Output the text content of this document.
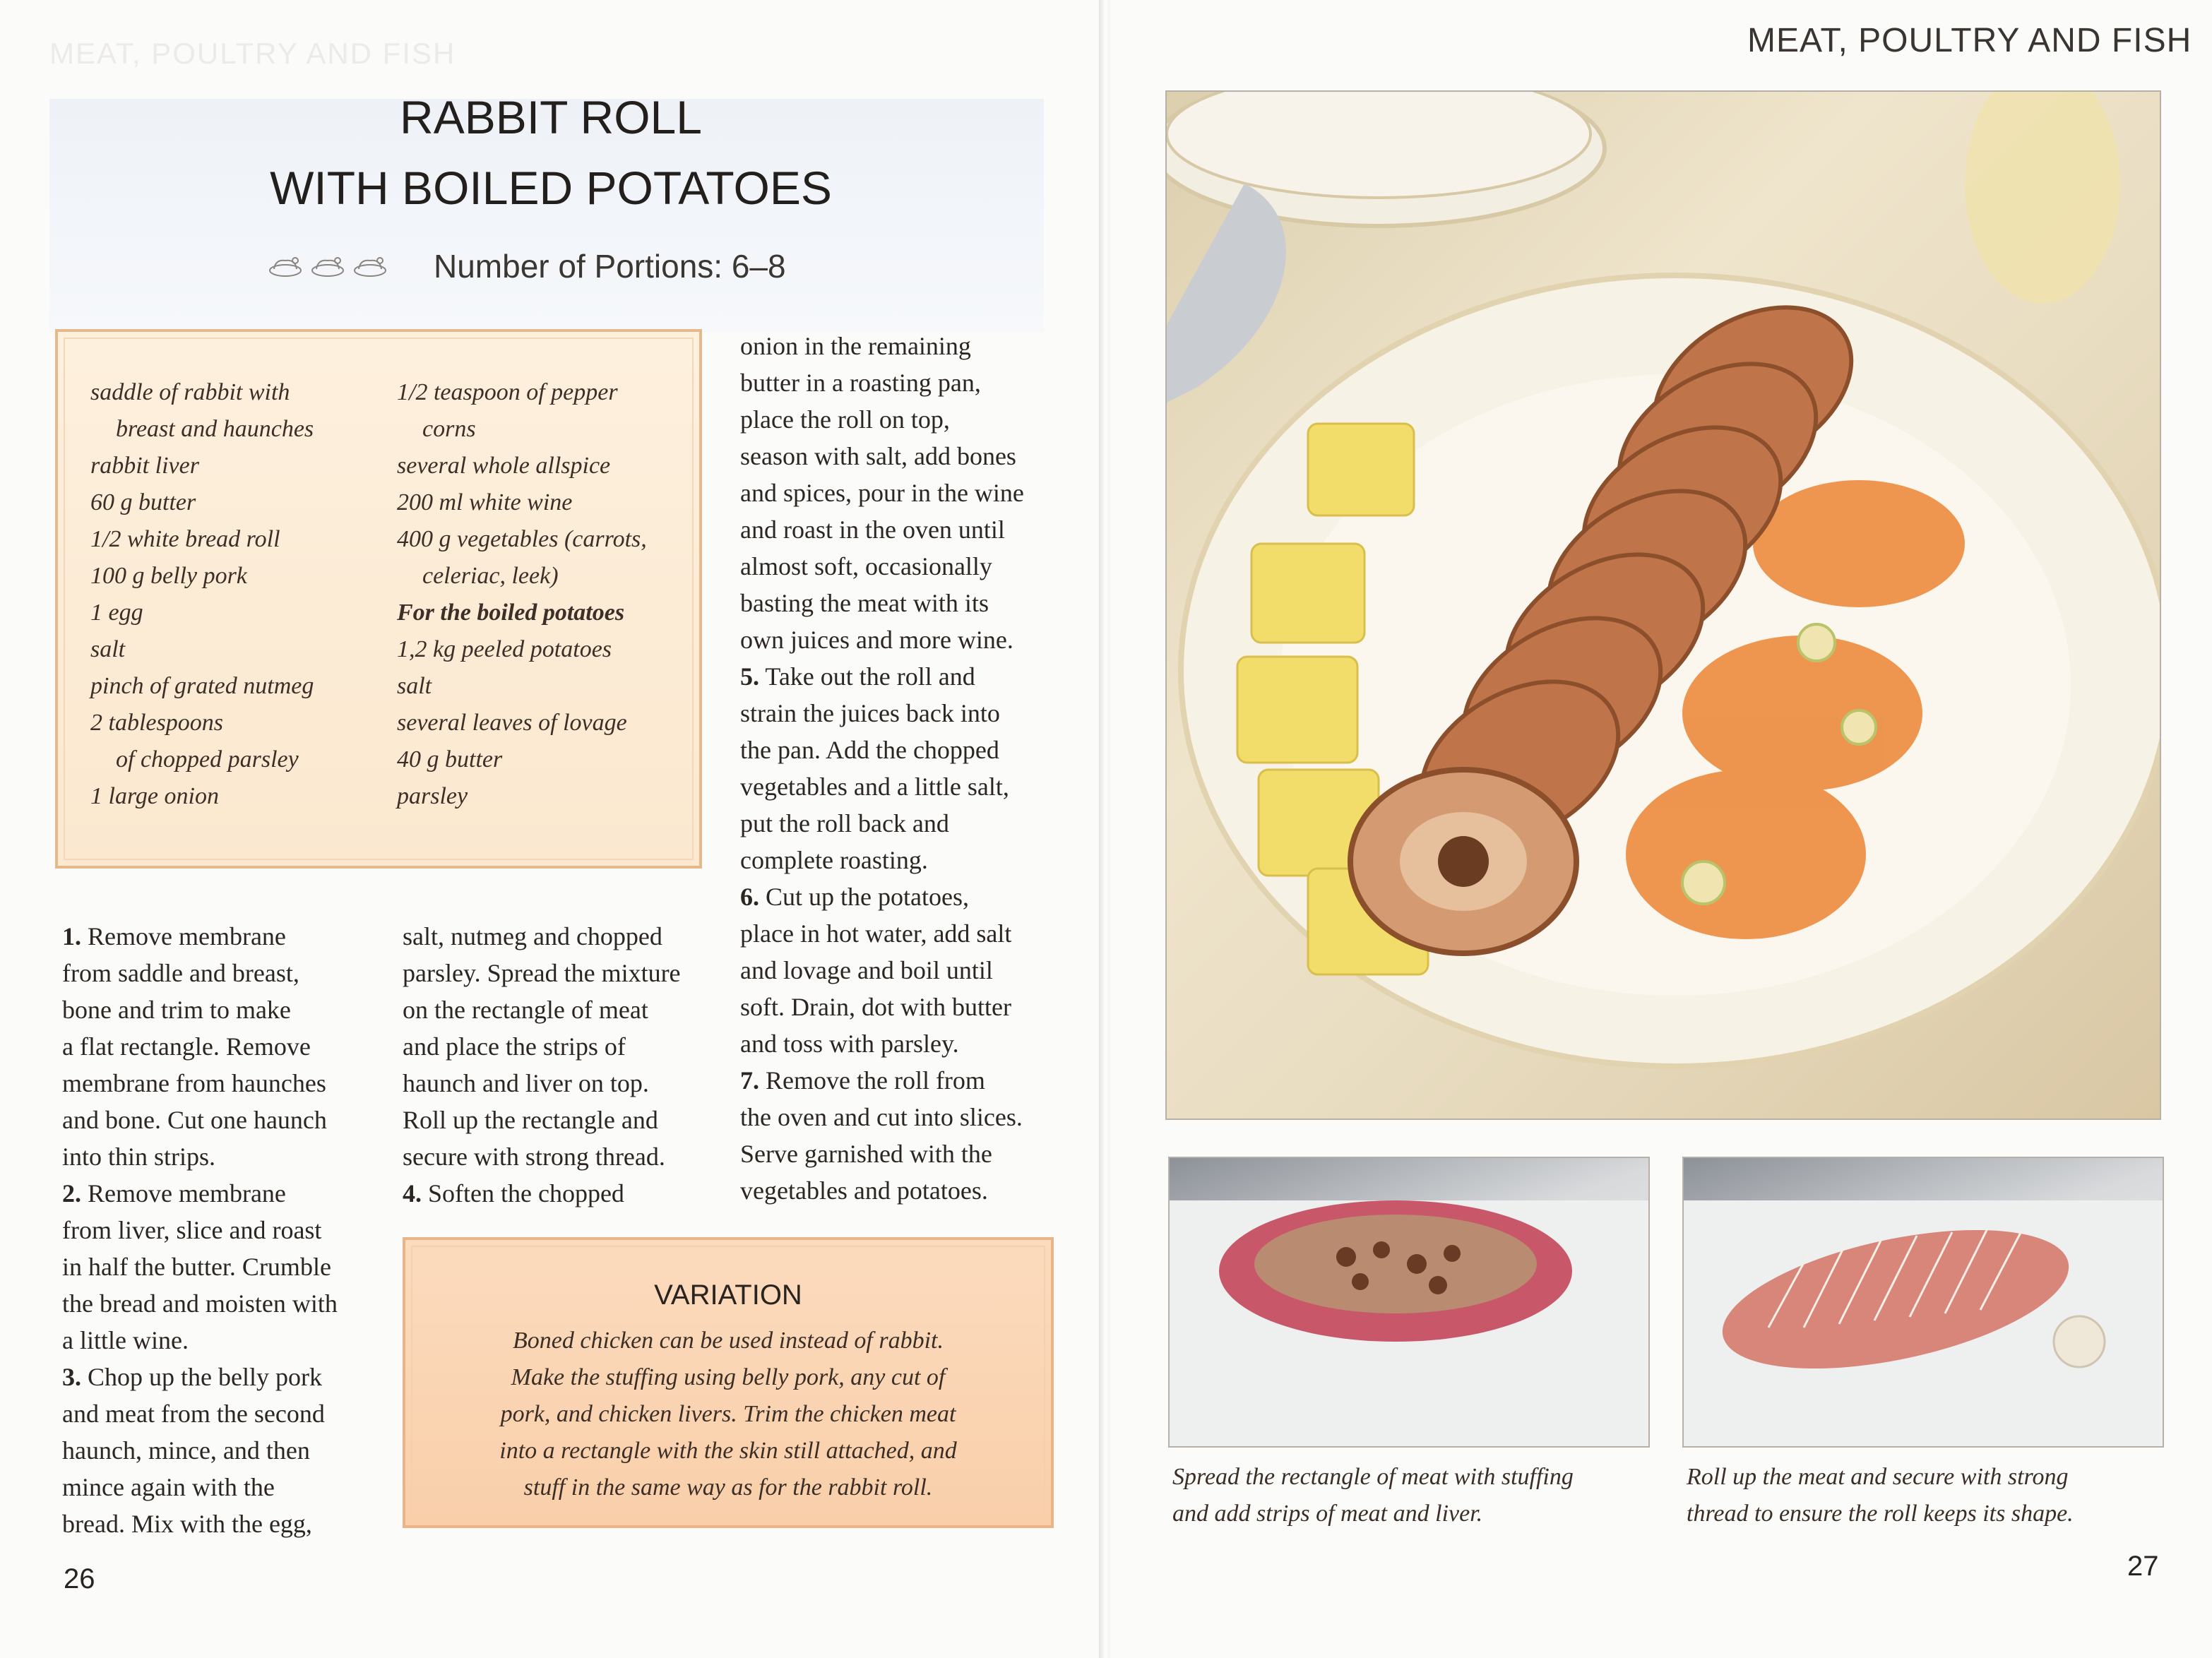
MEAT, POULTRY AND FISH
RABBIT ROLL
WITH BOILED POTATOES
Number of Portions: 6–8
saddle of rabbit with
breast and haunches
rabbit liver
60 g butter
1/2 white bread roll
100 g belly pork
1 egg
salt
pinch of grated nutmeg
2 tablespoons
of chopped parsley
1 large onion
1/2 teaspoon of pepper
corns
several whole allspice
200 ml white wine
400 g vegetables (carrots,
celeriac, leek)
For the boiled potatoes
1,2 kg peeled potatoes
salt
several leaves of lovage
40 g butter
parsley
1. Remove membrane
from saddle and breast,
bone and trim to make
a flat rectangle. Remove
membrane from haunches
and bone. Cut one haunch
into thin strips.
2. Remove membrane
from liver, slice and roast
in half the butter. Crumble
the bread and moisten with
a little wine.
3. Chop up the belly pork
and meat from the second
haunch, mince, and then
mince again with the
bread. Mix with the egg,
salt, nutmeg and chopped
parsley. Spread the mixture
on the rectangle of meat
and place the strips of
haunch and liver on top.
Roll up the rectangle and
secure with strong thread.
4. Soften the chopped
onion in the remaining
butter in a roasting pan,
place the roll on top,
season with salt, add bones
and spices, pour in the wine
and roast in the oven until
almost soft, occasionally
basting the meat with its
own juices and more wine.
5. Take out the roll and
strain the juices back into
the pan. Add the chopped
vegetables and a little salt,
put the roll back and
complete roasting.
6. Cut up the potatoes,
place in hot water, add salt
and lovage and boil until
soft. Drain, dot with butter
and toss with parsley.
7. Remove the roll from
the oven and cut into slices.
Serve garnished with the
vegetables and potatoes.
VARIATION

Boned chicken can be used instead of rabbit.
Make the stuffing using belly pork, any cut of
pork, and chicken livers. Trim the chicken meat
into a rectangle with the skin still attached, and
stuff in the same way as for the rabbit roll.

26
MEAT, POULTRY AND FISH
Spread the rectangle of meat with stuffing
and add strips of meat and liver.
Roll up the meat and secure with strong
thread to ensure the roll keeps its shape.
27
